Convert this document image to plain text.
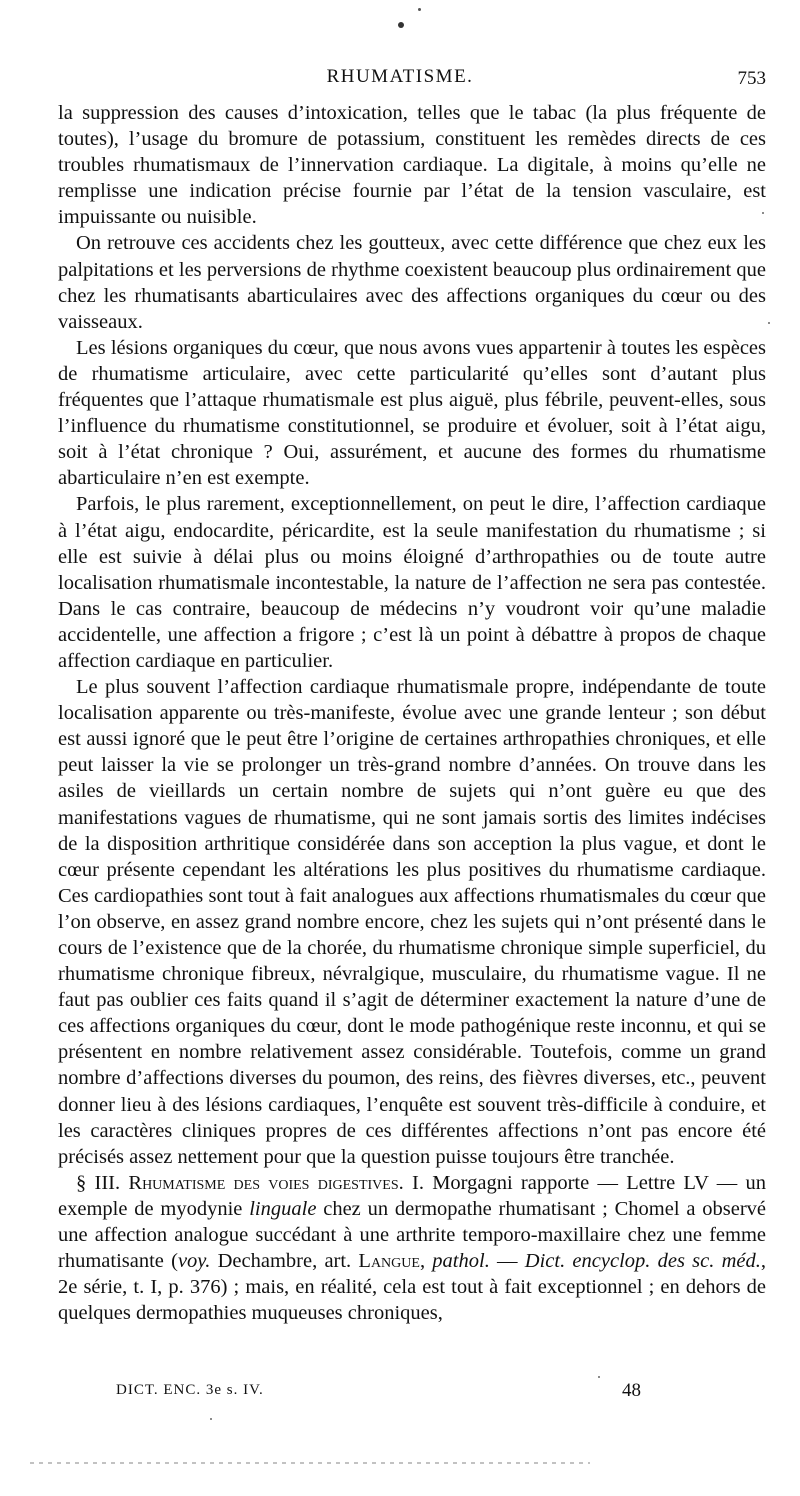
RHUMATISME.	753

la suppression des causes d’intoxication, telles que le tabac (la plus fréquente de toutes), l’usage du bromure de potassium, constituent les remèdes directs de ces troubles rhumatismaux de l’innervation cardiaque. La digitale, à moins qu’elle ne remplisse une indication précise fournie par l’état de la tension vasculaire, est impuissante ou nuisible.

On retrouve ces accidents chez les goutteux, avec cette différence que chez eux les palpitations et les perversions de rhythme coexistent beaucoup plus ordinairement que chez les rhumatisants abarticulaires avec des affections organiques du cœur ou des vaisseaux.

Les lésions organiques du cœur, que nous avons vues appartenir à toutes les espèces de rhumatisme articulaire, avec cette particularité qu’elles sont d’autant plus fréquentes que l’attaque rhumatismale est plus aiguë, plus fébrile, peuvent-elles, sous l’influence du rhumatisme constitutionnel, se produire et évoluer, soit à l’état aigu, soit à l’état chronique ? Oui, assurément, et aucune des formes du rhumatisme abarticulaire n’en est exempte.

Parfois, le plus rarement, exceptionnellement, on peut le dire, l’affection cardiaque à l’état aigu, endocardite, péricardite, est la seule manifestation du rhumatisme ; si elle est suivie à délai plus ou moins éloigné d’arthropathies ou de toute autre localisation rhumatismale incontestable, la nature de l’affection ne sera pas contestée. Dans le cas contraire, beaucoup de médecins n’y voudront voir qu’une maladie accidentelle, une affection a frigore ; c’est là un point à débattre à propos de chaque affection cardiaque en particulier.

Le plus souvent l’affection cardiaque rhumatismale propre, indépendante de toute localisation apparente ou très-manifeste, évolue avec une grande lenteur ; son début est aussi ignoré que le peut être l’origine de certaines arthropathies chroniques, et elle peut laisser la vie se prolonger un très-grand nombre d’années. On trouve dans les asiles de vieillards un certain nombre de sujets qui n’ont guère eu que des manifestations vagues de rhumatisme, qui ne sont jamais sortis des limites indécises de la disposition arthritique considérée dans son acception la plus vague, et dont le cœur présente cependant les altérations les plus positives du rhumatisme cardiaque. Ces cardiopathies sont tout à fait analogues aux affections rhumatismales du cœur que l’on observe, en assez grand nombre encore, chez les sujets qui n’ont présenté dans le cours de l’existence que de la chorée, du rhumatisme chronique simple superficiel, du rhumatisme chronique fibreux, névralgique, musculaire, du rhumatisme vague. Il ne faut pas oublier ces faits quand il s’agit de déterminer exactement la nature d’une de ces affections organiques du cœur, dont le mode pathogénique reste inconnu, et qui se présentent en nombre relativement assez considérable. Toutefois, comme un grand nombre d’affections diverses du poumon, des reins, des fièvres diverses, etc., peuvent donner lieu à des lésions cardiaques, l’enquête est souvent très-difficile à conduire, et les caractères cliniques propres de ces différentes affections n’ont pas encore été précisés assez nettement pour que la question puisse toujours être tranchée.

§ III. Rhumatisme des voies digestives. I. Morgagni rapporte — Lettre LV — un exemple de myodynie linguale chez un dermopathe rhumatisant ; Chomel a observé une affection analogue succédant à une arthrite temporo-maxillaire chez une femme rhumatisante (voy. Dechambre, art. Langue, pathol. — Dict. encyclop. des sc. méd., 2e série, t. I, p. 376) ; mais, en réalité, cela est tout à fait exceptionnel ; en dehors de quelques dermopathies muqueuses chroniques,

DICT. ENC. 3e s. IV.	48
